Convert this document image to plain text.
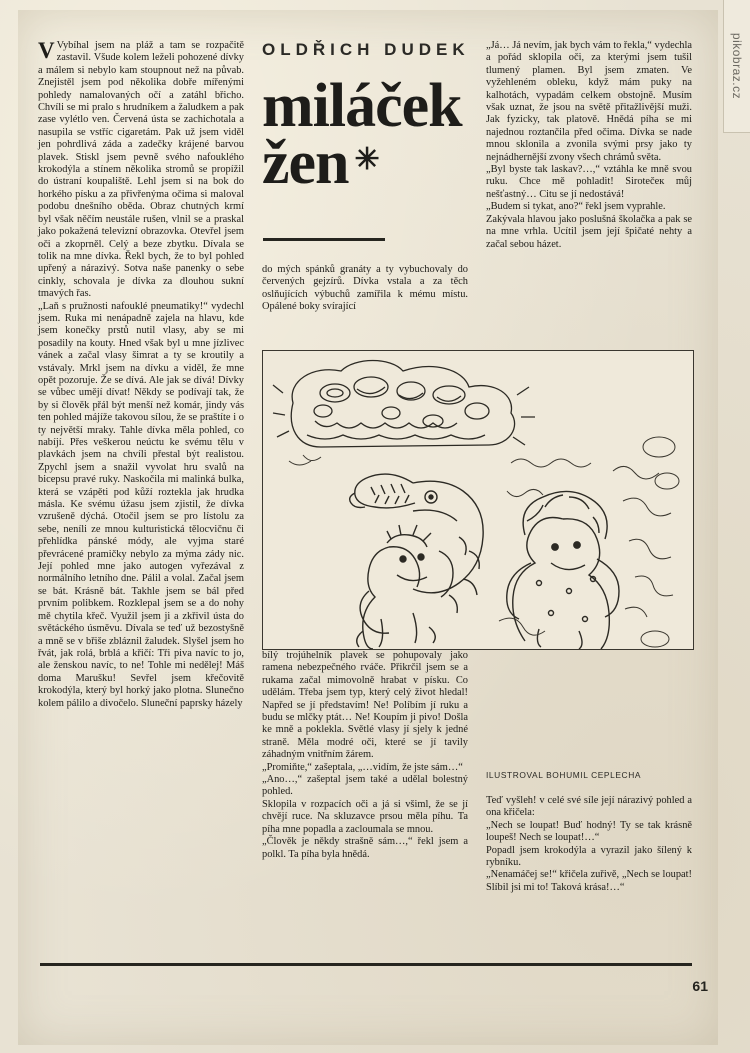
pikobraz.cz
OLDŘICH DUDEK
miláček
žen ✳

V Vybíhal jsem na pláž a tam se rozpačitě zastavil. Všude kolem leželi pohozené dívky a málem si nebylo kam stoupnout než na půvab. Znejistěl jsem pod několika dobře mířenými pohledy namalovaných očí a zatáhl břicho. Chvíli se mi pralo s hrudníkem a žaludkem a pak zase vylétlo ven. Červená ústa se zachichotala a nasupila se vstříc cigaretám. Pak už jsem viděl jen pohrdlivá záda a zadečky krájené barvou plavek. Stiskl jsem pevně svého nafouklého krokodýla a stínem několika stromů se propížil do ústraní koupaliště. Lehl jsem si na bok do horkého písku a za přivřenýma očima si maloval podobu dnešního oběda. Obraz chutných krmí byl však něčím neustále rušen, vlnil se a praskal jako pokažená televizní obrazovka. Otevřel jsem oči a zkoprněl. Celý a beze zbytku. Dívala se tolik na mne dívka. Řekl bych, že to byl pohled upřený a nárazivý. Sotva naše panenky o sebe cinkly, schovala je dívka za dlouhou sukní tmavých řas.

„Laň s pružnosti nafouklé pneumatiky!“ vydechl jsem. Ruka mi nenápadně zajela na hlavu, kde jsem konečky prstů nutil vlasy, aby se mi posadily na kouty. Hned však byl u mne jízlivec vánek a začal vlasy šimrat a ty se kroutily a vstávaly. Mrkl jsem na dívku a viděl, že mne opět pozoruje. Že se dívá. Ale jak se dívá! Dívky se vůbec umějí dívat! Někdy se podívají tak, že by si člověk přál být menší než komár, jindy vás ten pohled májíže takovou sílou, že se praštíte i o ty největší mraky. Tahle dívka měla pohled, co nabíjí. Přes veškerou neúctu ke svému tělu v plavkách jsem na chvíli přestal být realistou. Zpychl jsem a snažil vyvolat hru svalů na bicepsu pravé ruky. Naskočila mi malinká bulka, která se vzápěti pod kůží roztekla jak hrudka másla. Ke svému úžasu jsem zjistil, že dívka vzrušeně dýchá. Otočil jsem se pro lístolu za sebe, neníli ze mnou kulturistická tělocvičnu či přehlídka pánské módy, ale vyjma staré převrácené pramičky nebylo za mýma zády nic. Její pohled mne jako autogen vyřezával z normálního letního dne. Pálil a volal. Začal jsem se bát. Krásně bát. Takhle jsem se bál před prvním polibkem. Rozklepal jsem se a do nohy mě chytila křeč. Využil jsem ji a zkřivil ústa do světáckého úsměvu. Dívala se teď už bezostyšně a mně se v břiše zbláznil žaludek. Slyšel jsem ho řvát, jak rolá, brblá a křičí: Tři piva navíc to jo, ale ženskou navíc, to ne! Tohle mi nedělej! Máš doma Marušku! Sevřel jsem křečovitě krokodýla, který byl horký jako plotna. Slunečno kolem pálilo a divočelo. Sluneční paprsky házely

do mých spánků granáty a ty vybuchovaly do červených gejzírů. Dívka vstala a za těch oslňujících výbuchů zamířila k mému místu. Opálené boky svírající

bílý trojúhelník plavek se pohupovaly jako ramena nebezpečného rváče. Přikrčil jsem se a rukama začal mimovolně hrabat v písku. Co udělám. Třeba jsem typ, který celý život hledal! Napřed se jí představím! Ne! Políbím jí ruku a budu se mlčky ptát… Ne! Koupím ji pivo! Došla ke mně a poklekla. Světlé vlasy jí sjely k jedné straně. Měla modré oči, které se jí tavily záhadným vnitřním žárem.

„Promiňte,“ zašeptala, „…vidím, že jste sám…“

„Ano…,“ zašeptal jsem také a udělal bolestný pohled.

Sklopila v rozpacích oči a já si všiml, že se jí chvějí ruce. Na skluzavce prsou měla píhu. Ta píha mne popadla a zacloumala se mnou.

„Člověk je někdy strašně sám…,“ řekl jsem a polkl. Ta píha byla hnědá.

„Já… Já nevím, jak bych vám to řekla,“ vydechla a pořád sklopila oči, za kterými jsem tušil tlumený plamen. Byl jsem zmaten. Ve vyžehleném obleku, když mám puky na kalhotách, vypadám celkem obstojně. Musím však uznat, že jsou na světě přitažlivější muži. Jak fyzicky, tak platově. Hnědá píha se mi najednou roztančila před očima. Dívka se nade mnou sklonila a zvonila svými prsy jako ty nejnádhernější zvony všech chrámů světa.

„Byl byste tak laskav?…,“ vztáhla ke mně svou ruku. Chce mě pohladit! Sirotečeк můj nešťastný… Citu se jí nedostává!

„Budem si tykat, ano?“ řekl jsem vyprahle.

Zakývala hlavou jako poslušná školačka a pak se na mne vrhla. Ucítil jsem její špičaté nehty a začal sebou házet.

ILUSTROVAL BOHUMIL CEPLECHA

Teď vyšleh! v celé své síle její nárazivý pohled a ona křičela:

„Nech se loupat! Buď hodný! Ty se tak krásně loupeš! Nech se loupat!…“

Popadl jsem krokodýla a vyrazil jako šílený k rybníku.

„Nenamáčej se!“ křičela zuřivě, „Nech se loupat! Slíbil jsi mi to! Taková krása!…“

61
